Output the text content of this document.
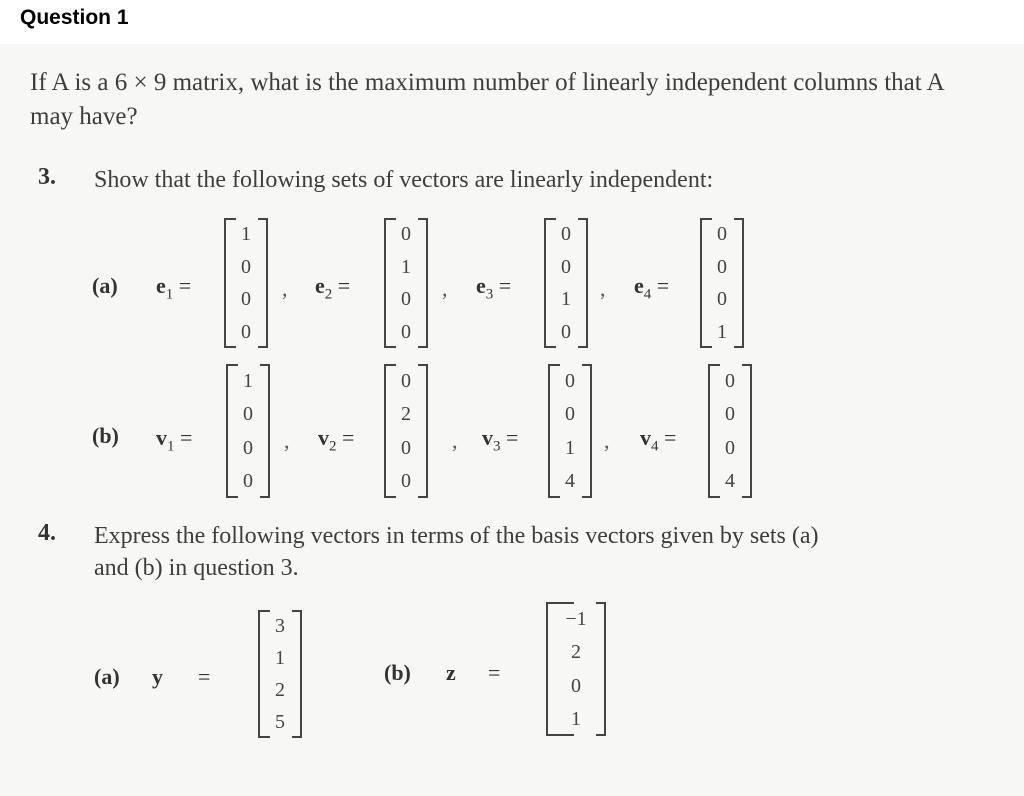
Question 1
If A is a 6 × 9 matrix, what is the maximum number of linearly independent columns that A may have?
3. Show that the following sets of vectors are linearly independent:
(a) $e_1$ =
1
0
0
0
, $e_2$ =
0
1
0
0
, $e_3$ =
0
0
1
0
, $e_4$ =
0
0
0
1
(b) $v_1$ =
1
0
0
0
, $v_2$ =
0
2
0
0
, $v_3$ =
0
0
1
4
, $v_4$ =
0
0
0
4
4. Express the following vectors in terms of the basis vectors given by sets (a)
and (b) in question 3.
(a) y =
3
1
2
5
(b) z =
−1
2
0
1
